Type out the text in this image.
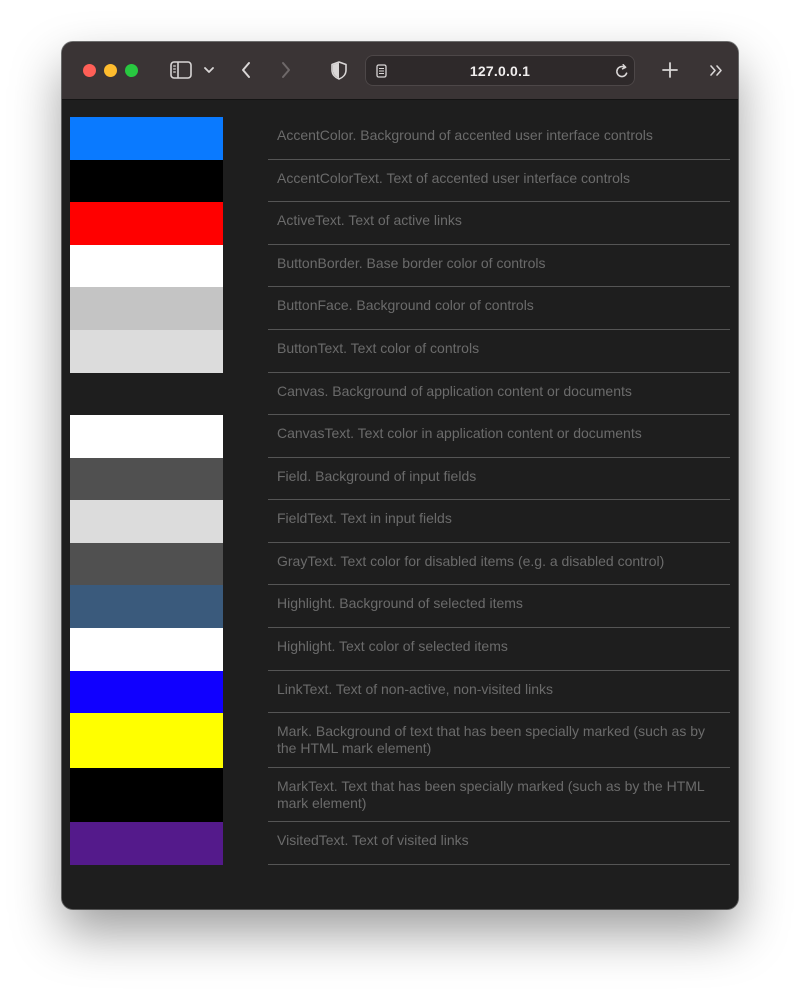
127.0.0.1
AccentColor. Background of accented user interface controls
AccentColorText. Text of accented user interface controls
ActiveText. Text of active links
ButtonBorder. Base border color of controls
ButtonFace. Background color of controls
ButtonText. Text color of controls
Canvas. Background of application content or documents
CanvasText. Text color in application content or documents
Field. Background of input fields
FieldText. Text in input fields
GrayText. Text color for disabled items (e.g. a disabled control)
Highlight. Background of selected items
Highlight. Text color of selected items
LinkText. Text of non-active, non-visited links
Mark. Background of text that has been specially marked (such as by the HTML mark element)
MarkText. Text that has been specially marked (such as by the HTML mark element)
VisitedText. Text of visited links
